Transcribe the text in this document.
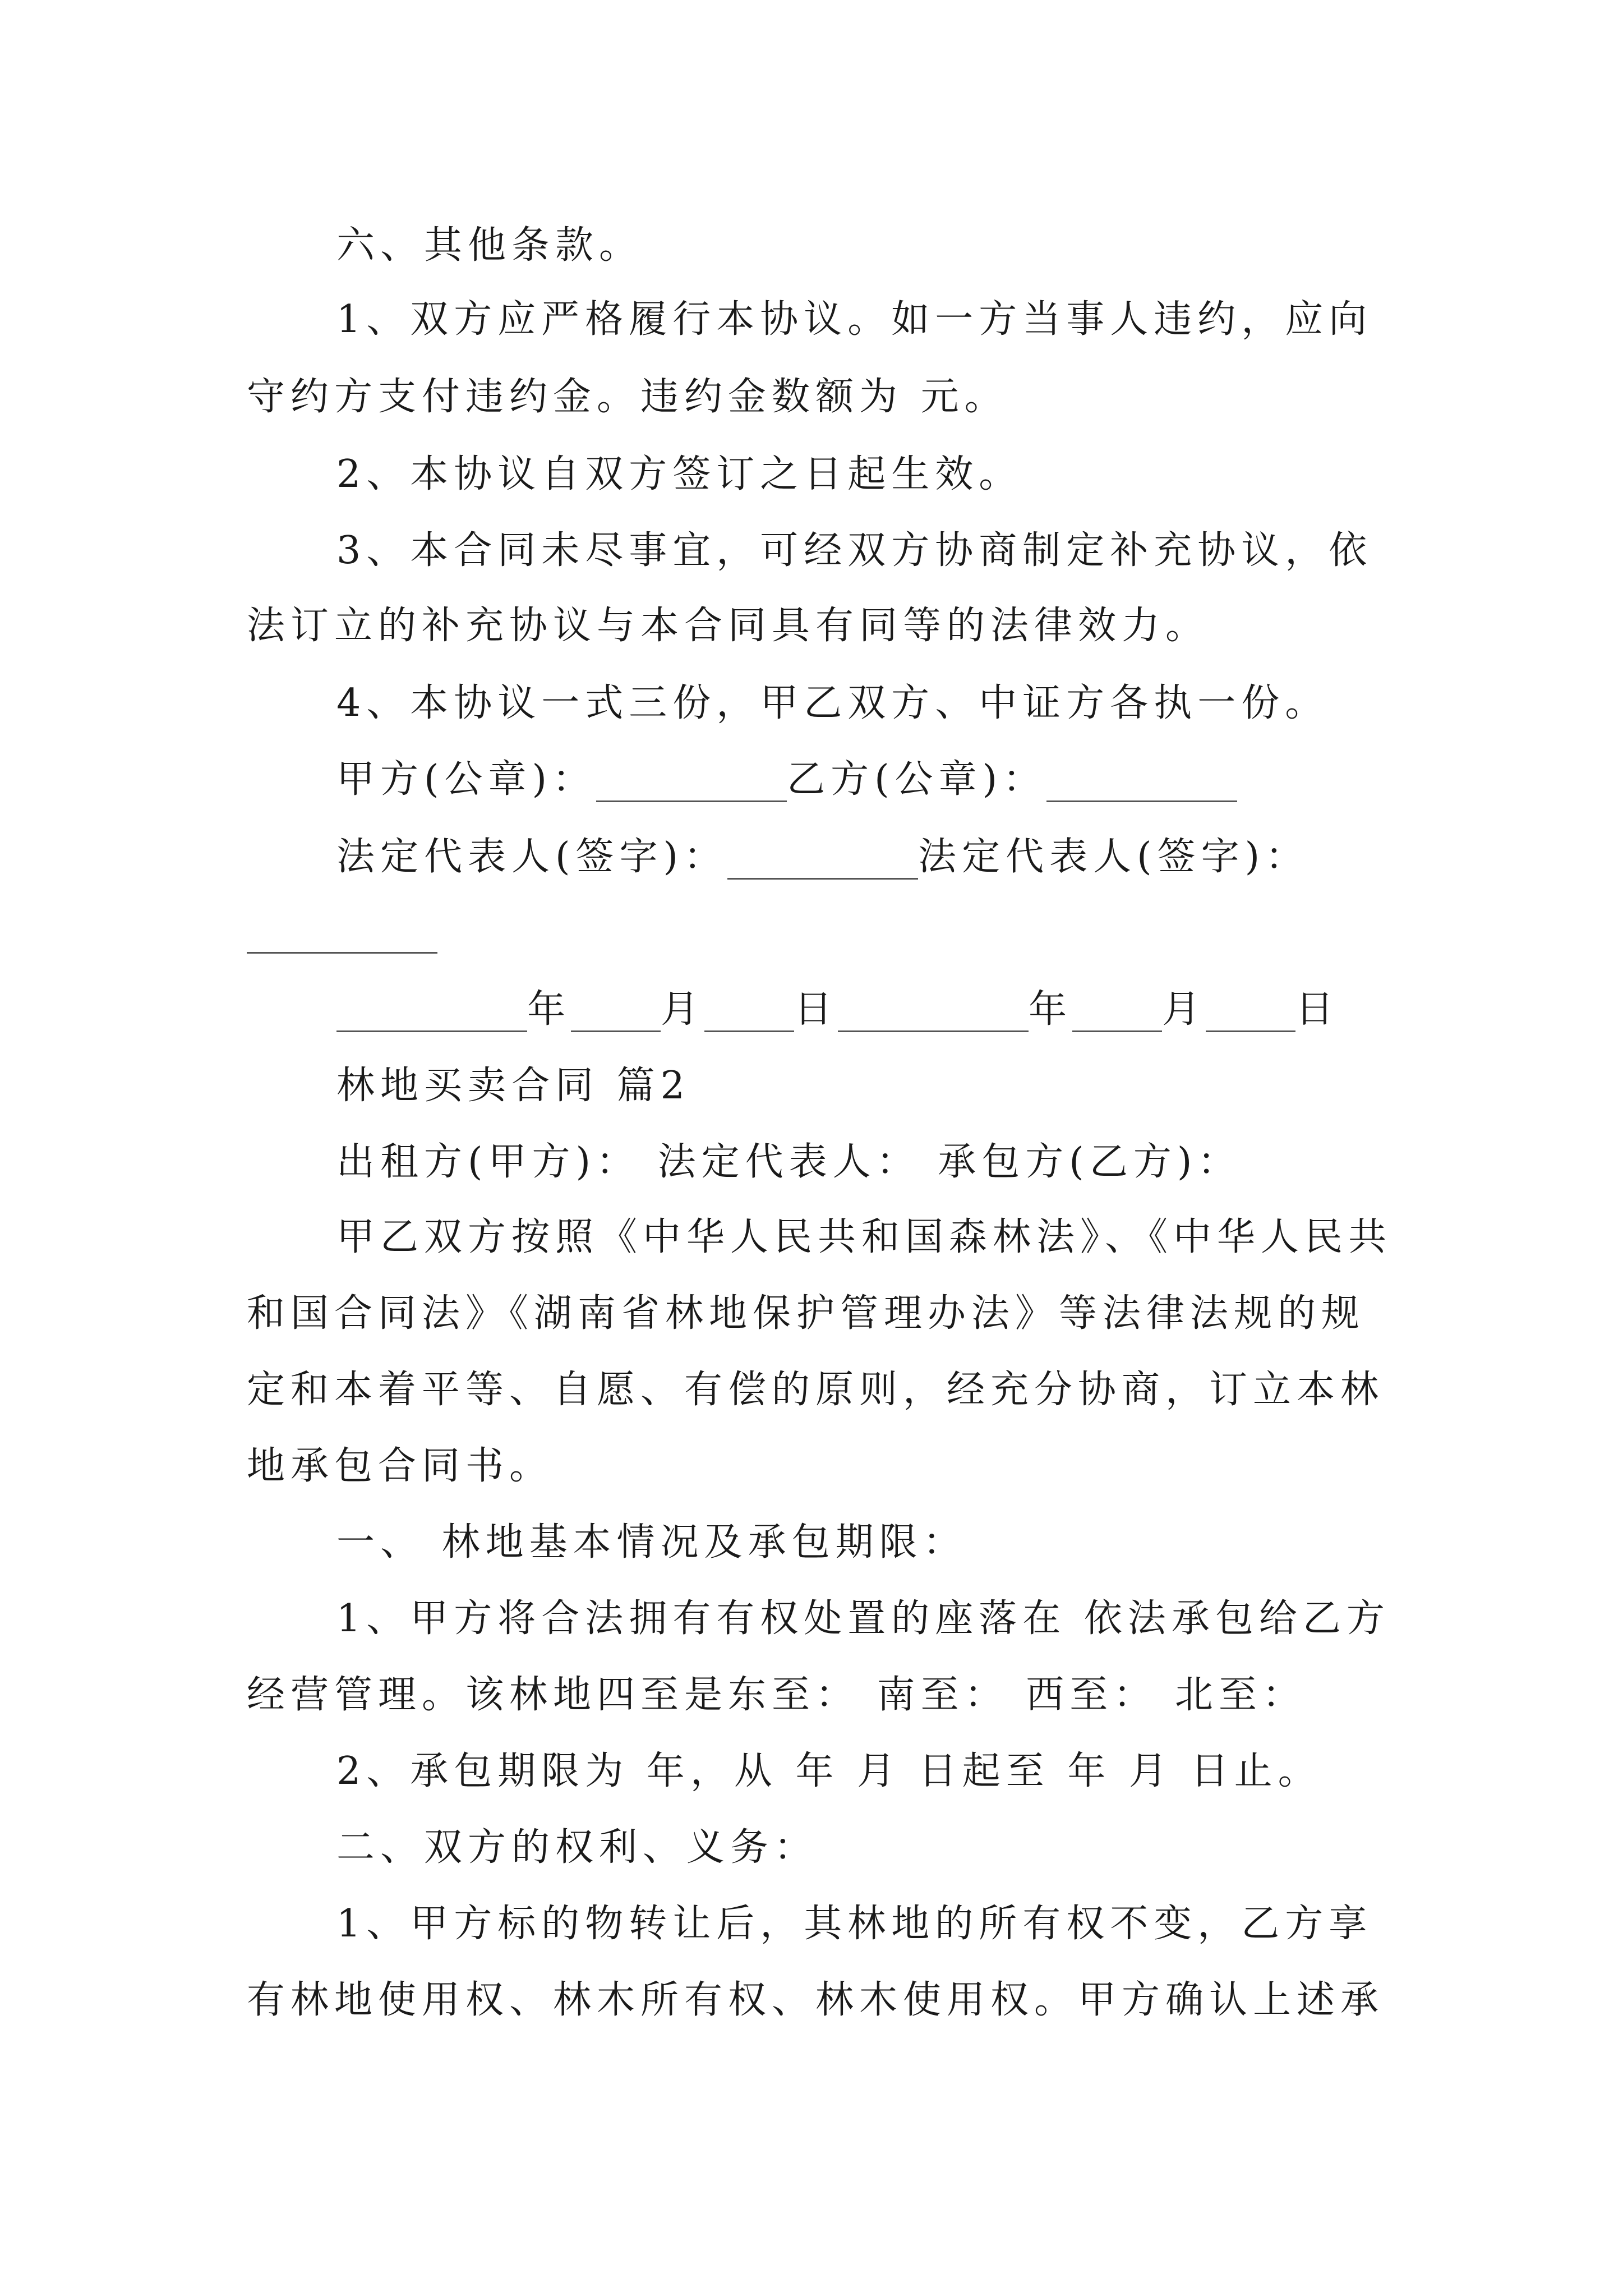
六、其他条款。
1、双方应严格履行本协议。如一方当事人违约，应向
守约方支付违约金。违约金数额为 元。
2、本协议自双方签订之日起生效。
3、本合同未尽事宜，可经双方协商制定补充协议，依
法订立的补充协议与本合同具有同等的法律效力。
4、本协议一式三份，甲乙双方、中证方各执一份。
甲方(公章)：	乙方(公章)：
法定代表人(签字)：	法定代表人(签字)：
年 月 日	年 月 日
林地买卖合同 篇2
出租方(甲方)： 法定代表人： 承包方(乙方)：
甲乙双方按照《中华人民共和国森林法》、《中华人民共
和国合同法》《湖南省林地保护管理办法》等法律法规的规
定和本着平等、自愿、有偿的原则，经充分协商，订立本林
地承包合同书。
一、 林地基本情况及承包期限：
1、甲方将合法拥有有权处置的座落在 依法承包给乙方
经营管理。该林地四至是东至： 南至： 西至： 北至：
2、承包期限为 年，从 年 月 日起至 年 月 日止。
二、双方的权利、义务：
1、甲方标的物转让后，其林地的所有权不变，乙方享
有林地使用权、林木所有权、林木使用权。甲方确认上述承
